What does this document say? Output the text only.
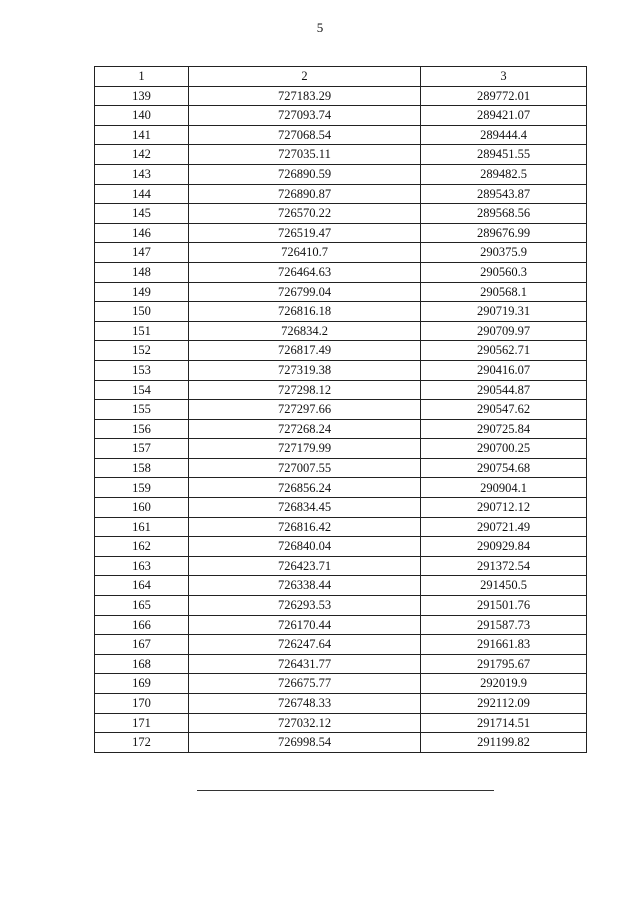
5
1	2	3
139	727183.29	289772.01
140	727093.74	289421.07
141	727068.54	289444.4
142	727035.11	289451.55
143	726890.59	289482.5
144	726890.87	289543.87
145	726570.22	289568.56
146	726519.47	289676.99
147	726410.7	290375.9
148	726464.63	290560.3
149	726799.04	290568.1
150	726816.18	290719.31
151	726834.2	290709.97
152	726817.49	290562.71
153	727319.38	290416.07
154	727298.12	290544.87
155	727297.66	290547.62
156	727268.24	290725.84
157	727179.99	290700.25
158	727007.55	290754.68
159	726856.24	290904.1
160	726834.45	290712.12
161	726816.42	290721.49
162	726840.04	290929.84
163	726423.71	291372.54
164	726338.44	291450.5
165	726293.53	291501.76
166	726170.44	291587.73
167	726247.64	291661.83
168	726431.77	291795.67
169	726675.77	292019.9
170	726748.33	292112.09
171	727032.12	291714.51
172	726998.54	291199.82
